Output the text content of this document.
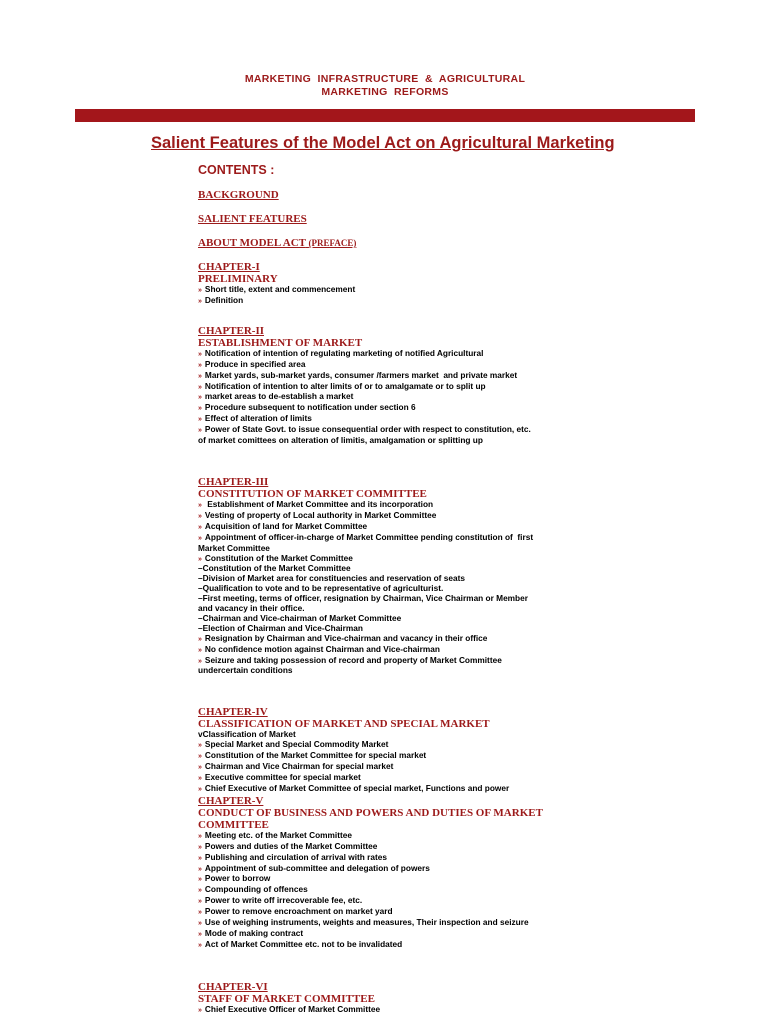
MARKETING  INFRASTRUCTURE  &  AGRICULTURAL
MARKETING  REFORMS
Salient Features of the Model Act on Agricultural Marketing
CONTENTS :
BACKGROUND
SALIENT FEATURES
ABOUT MODEL ACT (PREFACE)
CHAPTER-I
PRELIMINARY
» Short title, extent and commencement
» Definition
CHAPTER-II
ESTABLISHMENT OF MARKET
» Notification of intention of regulating marketing of notified Agricultural
» Produce in specified area
» Market yards, sub-market yards, consumer /farmers market  and private market
» Notification of intention to alter limits of or to amalgamate or to split up
» market areas to de-establish a market
» Procedure subsequent to notification under section 6
» Effect of alteration of limits
» Power of State Govt. to issue consequential order with respect to constitution, etc.
of market comittees on alteration of limitis, amalgamation or splitting up
CHAPTER-III
CONSTITUTION OF MARKET COMMITTEE
» Establishment of Market Committee and its incorporation
» Vesting of property of Local authority in Market Committee
» Acquisition of land for Market Committee
» Appointment of officer-in-charge of Market Committee pending constitution of  first
Market Committee
» Constitution of the Market Committee
–Constitution of the Market Committee
–Division of Market area for constituencies and reservation of seats
–Qualification to vote and to be representative of agriculturist.
–First meeting, terms of officer, resignation by Chairman, Vice Chairman or Member
and vacancy in their office.
–Chairman and Vice-chairman of Market Committee
–Election of Chairman and Vice-Chairman
» Resignation by Chairman and Vice-chairman and vacancy in their office
» No confidence motion against Chairman and Vice-chairman
» Seizure and taking possession of record and property of Market Committee
undercertain conditions
CHAPTER-IV
CLASSIFICATION OF MARKET AND SPECIAL MARKET
vClassification of Market
» Special Market and Special Commodity Market
» Constitution of the Market Committee for special market
» Chairman and Vice Chairman for special market
» Executive committee for special market
» Chief Executive of Market Committee of special market, Functions and power
CHAPTER-V
CONDUCT OF BUSINESS AND POWERS AND DUTIES OF MARKET COMMITTEE
» Meeting etc. of the Market Committee
» Powers and duties of the Market Committee
» Publishing and circulation of arrival with rates
» Appointment of sub-committee and delegation of powers
» Power to borrow
» Compounding of offences
» Power to write off irrecoverable fee, etc.
» Power to remove encroachment on market yard
» Use of weighing instruments, weights and measures, Their inspection and seizure
» Mode of making contract
» Act of Market Committee etc. not to be invalidated
CHAPTER-VI
STAFF OF MARKET COMMITTEE
» Chief Executive Officer of Market Committee
